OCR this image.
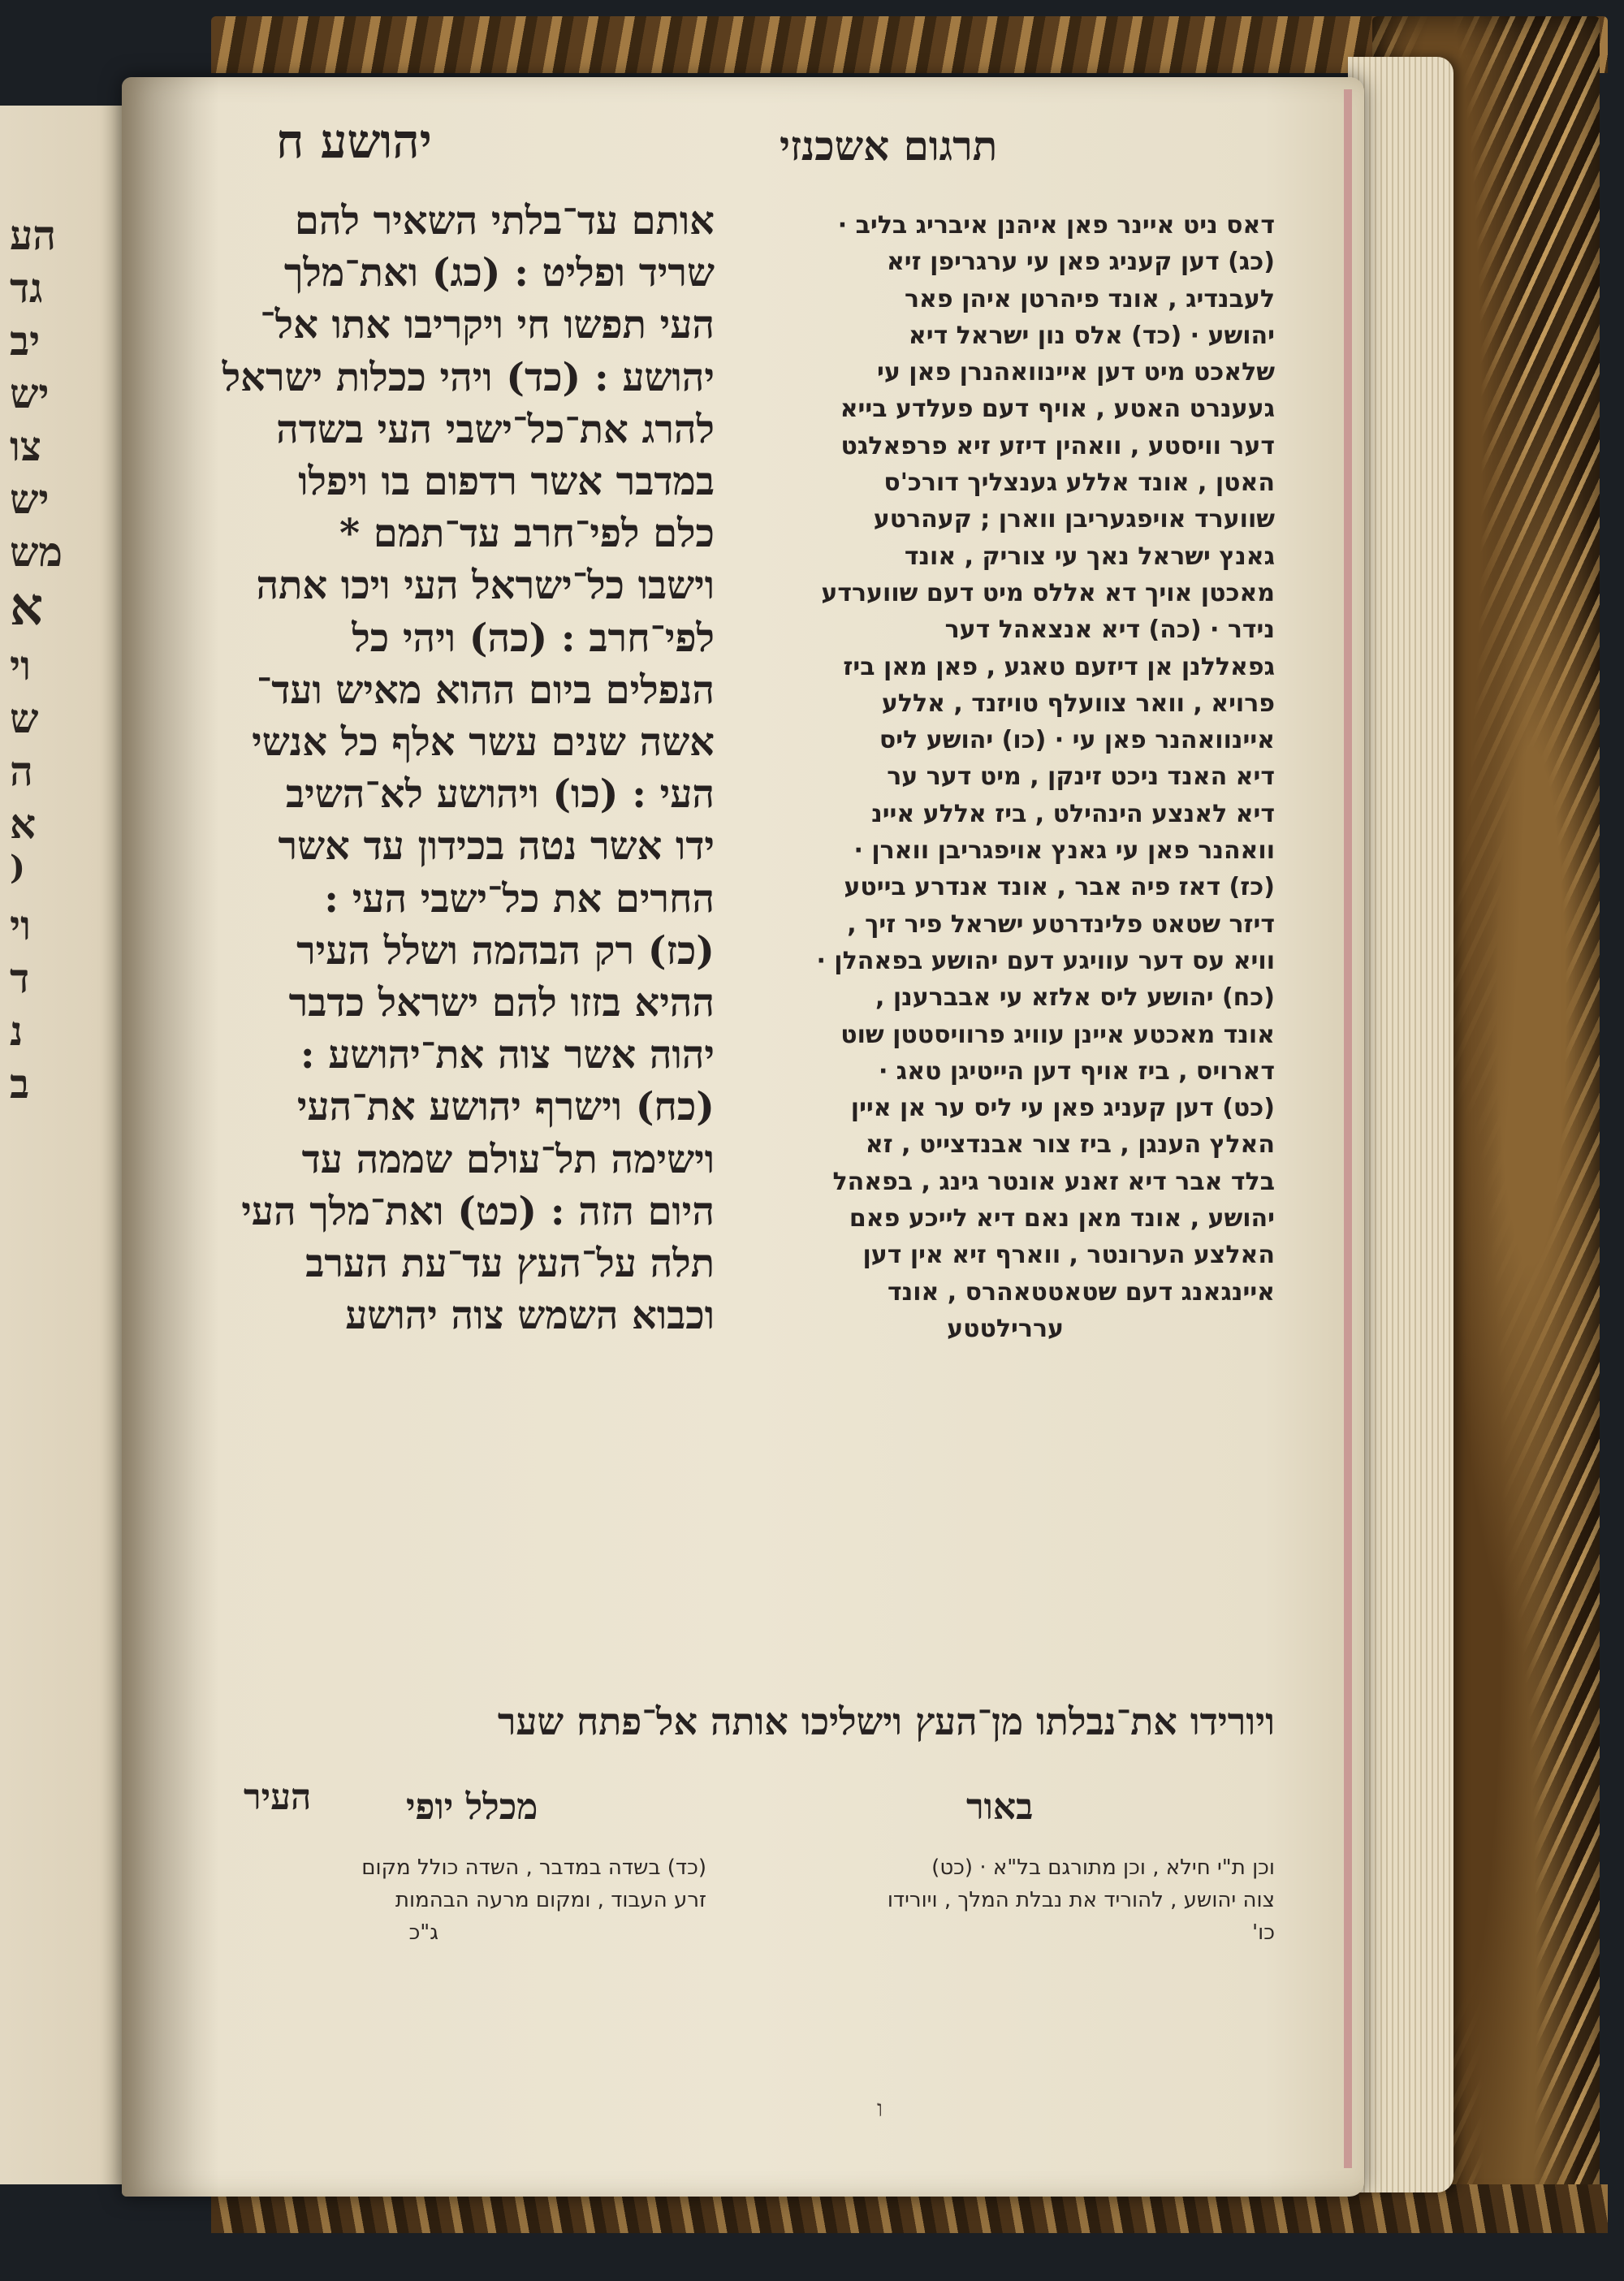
הע
גד
יב
יש
צו
יש
מש
א
וי
ש
ה
א
(
וי
ד
נ
ב
תרגום אשכנזי
יהושע ח
אותם עד־בלתי השאיר להם
שריד ופליט : (כג) ואת־מלך
העי תפשו חי ויקריבו אתו אל־
יהושע : (כד) ויהי ככלות ישראל
להרג את־כל־ישבי העי בשדה
במדבר אשר רדפום בו ויפלו
כלם לפי־חרב עד־תמם *
וישבו כל־ישראל העי ויכו אתה
לפי־חרב : (כה) ויהי כל
הנפלים ביום ההוא מאיש ועד־
אשה שנים עשר אלף כל אנשי
העי : (כו) ויהושע לא־השיב
ידו אשר נטה בכידון עד אשר
החרים את כל־ישבי העי :
(כז) רק הבהמה ושלל העיר
ההיא בזזו להם ישראל כדבר
יהוה אשר צוה את־יהושע :
(כח) וישרף יהושע את־העי
וישימה תל־עולם שממה עד
היום הזה : (כט) ואת־מלך העי
תלה על־העץ עד־עת הערב
וכבוא השמש צוה יהושע
דאס ניט איינר פאן איהנן איבריג בליב ·
(כג) דען קעניג פאן עי ערגריפן זיא
לעבנדיג , אונד פיהרטן איהן פאר
יהושע · (כד) אלס נון ישראל דיא
שלאכט מיט דען איינוואהנרן פאן עי
געענרט האטע , אויף דעם פעלדע בייא
דער וויסטע , וואהין דיזע זיא פרפאלגט
האטן , אונד אללע גענצליך דורכ'ס
שווערד אויפגעריבן ווארן ; קעהרטע
גאנץ ישראל נאך עי צוריק , אונד
מאכטן אויך דא אללס מיט דעם שווערדע
נידר · (כה) דיא אנצאהל דער
גפאללנן אן דיזעם טאגע , פאן מאן ביז
פרויא , וואר צוועלף טויזנד , אללע
איינוואהנר פאן עי · (כו) יהושע ליס
דיא האנד ניכט זינקן , מיט דער ער
דיא לאנצע הינהילט , ביז אללע איינ
וואהנר פאן עי גאנץ אויפגריבן ווארן ·
(כז) דאז פיה אבר , אונד אנדרע בייטע
דיזר שטאט פלינדרטע ישראל פיר זיך ,
וויא עס דער עוויגע דעם יהושע בפאהלן ·
(כח) יהושע ליס אלזא עי אבברענן ,
אונד מאכטע איינן עוויג פרוויסטטן שוט
דארויס , ביז אויף דען הייטיגן טאג ·
(כט) דען קעניג פאן עי ליס ער אן איין
האלץ הענגן , ביז צור אבנדצייט , זא
בלד אבר דיא זאנע אונטר גינג , בפאהל
יהושע , אונד מאן נאם דיא לייכע פאם
האלצע הערונטר , ווארף זיא אין דען
איינגאנג דעם שטאטטאהרס , אונד
עררילטטע
ויורידו את־נבלתו מן־העץ וישליכו אותה אל־פתח שער
באור
מכלל יופי
העיר
וכן ת"י חילא , וכן מתורגם בל"א · (כט)
צוה יהושע , להוריד את נבלת המלך , ויורידו
כו'
(כד) בשדה במדבר , השדה כולל מקום
זרע העבוד , ומקום מרעה הבהמות
ג"כ
ו
